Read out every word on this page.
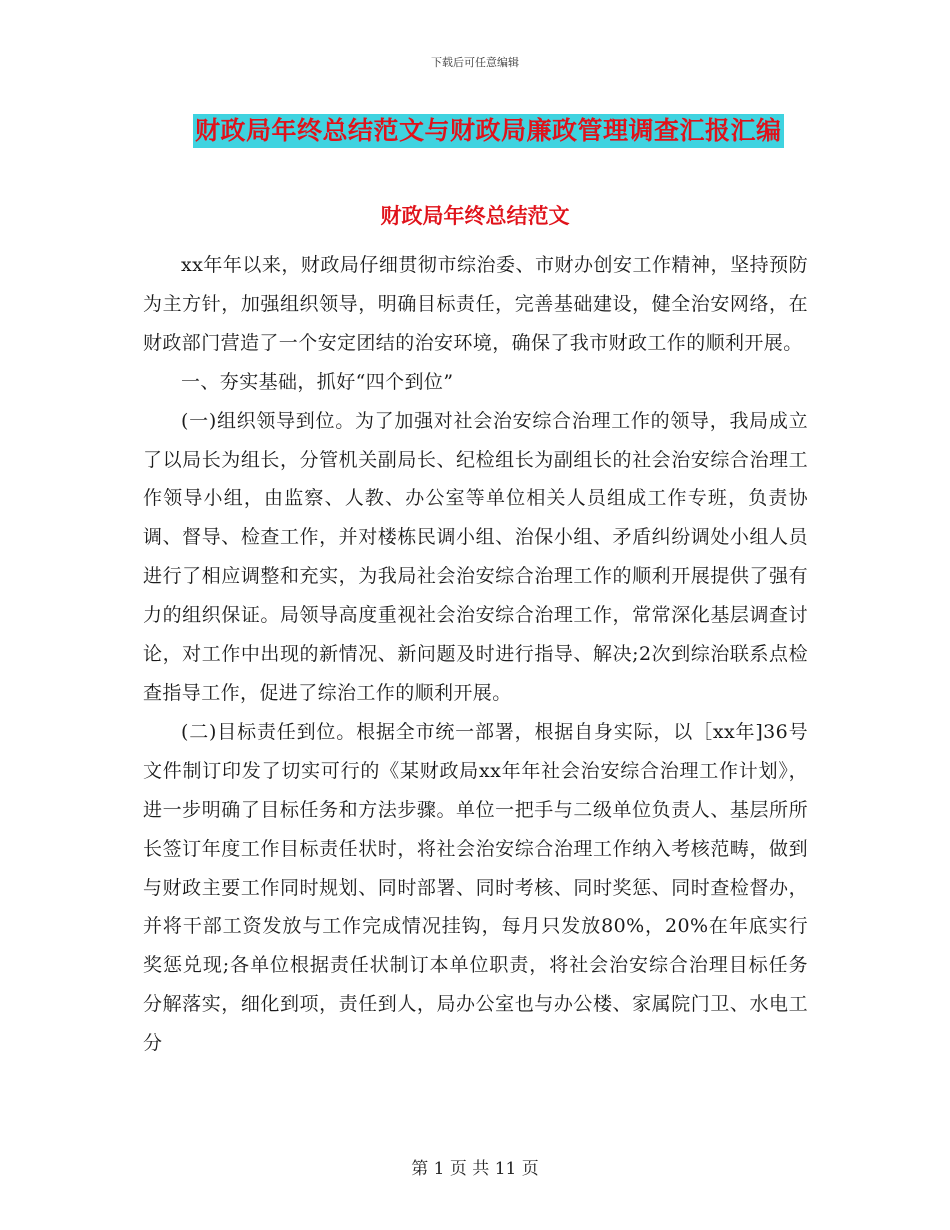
下载后可任意编辑
财政局年终总结范文与财政局廉政管理调查汇报汇编
财政局年终总结范文

xx年年以来，财政局仔细贯彻市综治委、市财办创安工作精神，坚持预防为主方针，加强组织领导，明确目标责任，完善基础建设，健全治安网络，在财政部门营造了一个安定团结的治安环境，确保了我市财政工作的顺利开展。

一、夯实基础，抓好“四个到位”

(一)组织领导到位。为了加强对社会治安综合治理工作的领导，我局成立了以局长为组长，分管机关副局长、纪检组长为副组长的社会治安综合治理工作领导小组，由监察、人教、办公室等单位相关人员组成工作专班，负责协调、督导、检查工作，并对楼栋民调小组、治保小组、矛盾纠纷调处小组人员进行了相应调整和充实，为我局社会治安综合治理工作的顺利开展提供了强有力的组织保证。局领导高度重视社会治安综合治理工作，常常深化基层调查讨论，对工作中出现的新情况、新问题及时进行指导、解决;2次到综治联系点检查指导工作，促进了综治工作的顺利开展。

(二)目标责任到位。根据全市统一部署，根据自身实际，以［xx年]36号文件制订印发了切实可行的《某财政局xx年年社会治安综合治理工作计划》，进一步明确了目标任务和方法步骤。单位一把手与二级单位负责人、基层所所长签订年度工作目标责任状时，将社会治安综合治理工作纳入考核范畴，做到与财政主要工作同时规划、同时部署、同时考核、同时奖惩、同时查检督办，并将干部工资发放与工作完成情况挂钩，每月只发放80%，20%在年底实行奖惩兑现;各单位根据责任状制订本单位职责，将社会治安综合治理目标任务分解落实，细化到项，责任到人，局办公室也与办公楼、家属院门卫、水电工分

第 1 页 共 11 页
